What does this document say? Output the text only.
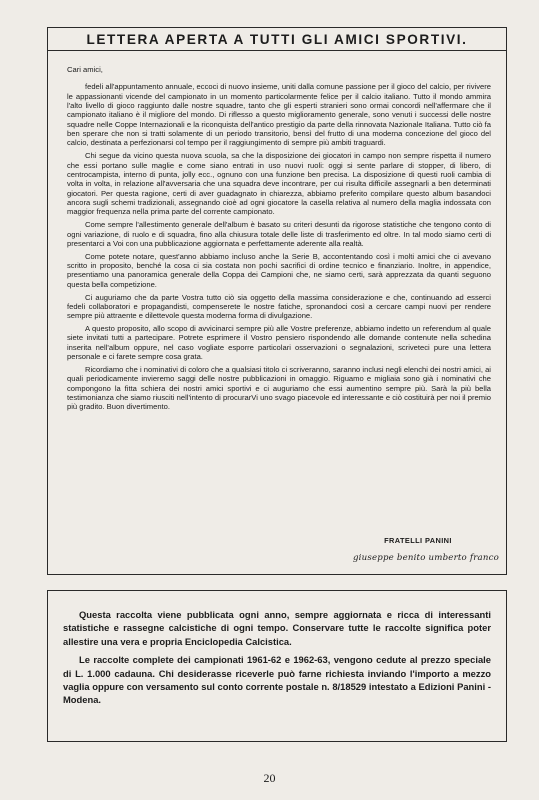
LETTERA APERTA A TUTTI GLI AMICI SPORTIVI.

Cari amici,

fedeli all'appuntamento annuale, eccoci di nuovo insieme, uniti dalla comune passione per il gioco del calcio, per rivivere le appassionanti vicende del campionato in un momento particolarmente felice per il calcio italiano. Tutto il mondo ammira l'alto livello di gioco raggiunto dalle nostre squadre, tanto che gli esperti stranieri sono ormai concordi nell'affermare che il campionato italiano è il migliore del mondo. Di riflesso a questo miglioramento generale, sono venuti i successi delle nostre squadre nelle Coppe Internazionali e la riconquista dell'antico prestigio da parte della rinnovata Nazionale Italiana. Tutto ciò fa ben sperare che non si tratti solamente di un periodo transitorio, bensì del frutto di una moderna concezione del gioco del calcio, destinata a perfezionarsi col tempo per il raggiungimento di sempre più ambiti traguardi.

Chi segue da vicino questa nuova scuola, sa che la disposizione dei giocatori in campo non sempre rispetta il numero che essi portano sulle maglie e come siano entrati in uso nuovi ruoli: oggi si sente parlare di stopper, di libero, di centrocampista, interno di punta, jolly ecc., ognuno con una funzione ben precisa. La disposizione di questi ruoli cambia di volta in volta, in relazione all'avversaria che una squadra deve incontrare, per cui risulta difficile assegnarli a ben determinati giocatori. Per questa ragione, certi di aver guadagnato in chiarezza, abbiamo preferito compilare questo album basandoci ancora sugli schemi tradizionali, assegnando cioè ad ogni giocatore la casella relativa al numero della maglia indossata con maggior frequenza nella prima parte del corrente campionato.

Come sempre l'allestimento generale dell'album è basato su criteri desunti da rigorose statistiche che tengono conto di ogni variazione, di ruolo e di squadra, fino alla chiusura totale delle liste di trasferimento ed oltre. In tal modo siamo certi di presentarci a Voi con una pubblicazione aggiornata e perfettamente aderente alla realtà.

Come potete notare, quest'anno abbiamo incluso anche la Serie B, accontentando così i molti amici che ci avevano scritto in proposito, benché la cosa ci sia costata non pochi sacrifici di ordine tecnico e finanziario. Inoltre, in appendice, presentiamo una panoramica generale della Coppa dei Campioni che, ne siamo certi, sarà apprezzata da quanti seguono questa bella competizione.

Ci auguriamo che da parte Vostra tutto ciò sia oggetto della massima considerazione e che, continuando ad esserci fedeli collaboratori e propagandisti, compenserete le nostre fatiche, spronandoci così a cercare campi nuovi per rendere sempre più attraente e dilettevole questa moderna forma di divulgazione.

A questo proposito, allo scopo di avvicinarci sempre più alle Vostre preferenze, abbiamo indetto un referendum al quale siete invitati tutti a partecipare. Potrete esprimere il Vostro pensiero rispondendo alle domande contenute nella schedina inserita nell'album oppure, nel caso vogliate esporre particolari osservazioni o segnalazioni, scriveteci pure una lettera personale e ci farete sempre cosa grata.

Ricordiamo che i nominativi di coloro che a qualsiasi titolo ci scriveranno, saranno inclusi negli elenchi dei nostri amici, ai quali periodicamente invieremo saggi delle nostre pubblicazioni in omaggio. Riguamo e migliaia sono già i nominativi che compongono la fitta schiera dei nostri amici sportivi e ci auguriamo che essi aumentino sempre più. Sarà la più bella testimonianza che siamo riusciti nell'intento di procurarVi uno svago piacevole ed interessante e ciò costituirà per noi il premio più gradito. Buon divertimento.

FRATELLI PANINI
giuseppe benito umberto franco

Questa raccolta viene pubblicata ogni anno, sempre aggiornata e ricca di interessanti statistiche e rassegne calcistiche di ogni tempo. Conservare tutte le raccolte significa poter allestire una vera e propria Enciclopedia Calcistica.

Le raccolte complete dei campionati 1961-62 e 1962-63, vengono cedute al prezzo speciale di L. 1.000 cadauna. Chi desiderasse riceverle può farne richiesta inviando l'importo a mezzo vaglia oppure con versamento sul conto corrente postale n. 8/18529 intestato a Edizioni Panini - Modena.

20
